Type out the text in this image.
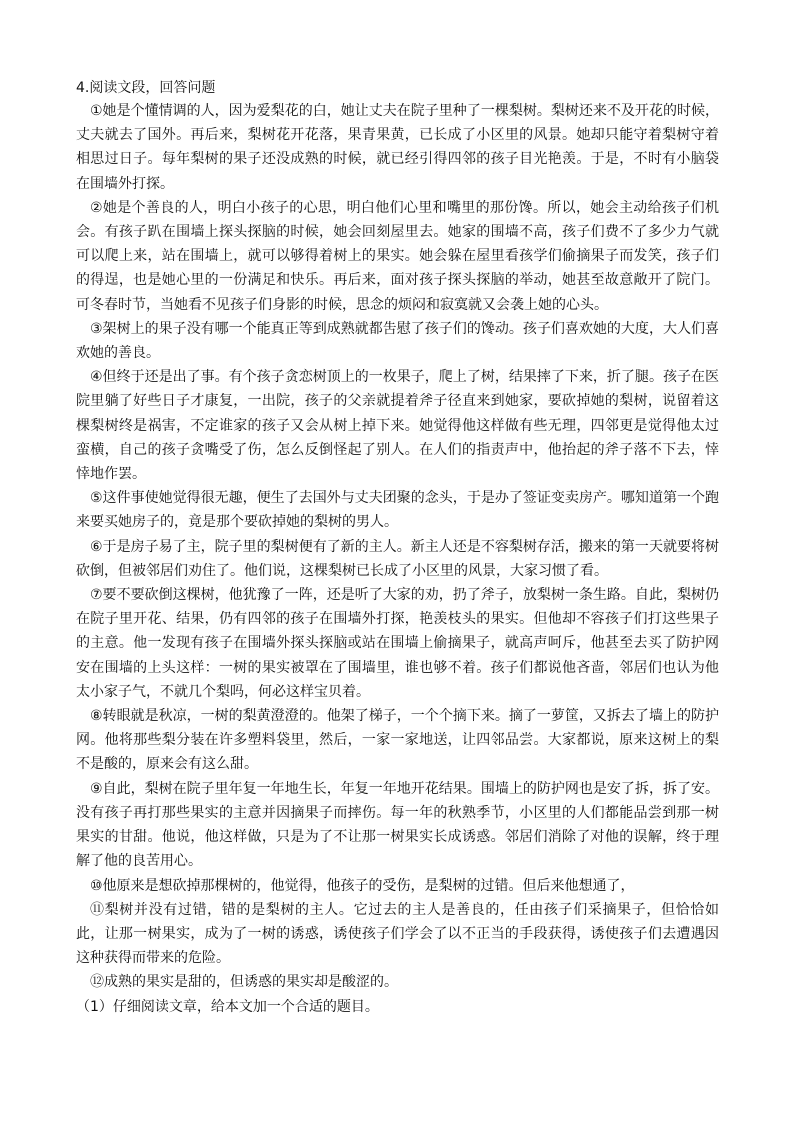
4.阅读文段，回答问题

①她是个懂情调的人，因为爱梨花的白，她让丈夫在院子里种了一棵梨树。梨树还来不及开花的时候，丈夫就去了国外。再后来，梨树花开花落，果青果黄，已长成了小区里的风景。她却只能守着梨树守着相思过日子。每年梨树的果子还没成熟的时候，就已经引得四邻的孩子目光艳羡。于是，不时有小脑袋在围墙外打探。

②她是个善良的人，明白小孩子的心思，明白他们心里和嘴里的那份馋。所以，她会主动给孩子们机会。有孩子趴在围墙上探头探脑的时候，她会回刻屋里去。她家的围墙不高，孩子们费不了多少力气就可以爬上来，站在围墙上，就可以够得着树上的果实。她会躲在屋里看孩学们偷摘果子而发笑，孩子们的得逞，也是她心里的一份满足和快乐。再后来，面对孩子探头探脑的举动，她甚至故意敞开了院门。可冬春时节，当她看不见孩子们身影的时候，思念的烦闷和寂寞就又会袭上她的心头。

③架树上的果子没有哪一个能真正等到成熟就都吿慰了孩子们的馋动。孩子们喜欢她的大度，大人们喜欢她的善良。

④但终于还是出了事。有个孩子贪恋树顶上的一枚果子，爬上了树，结果摔了下来，折了腿。孩子在医院里躺了好些日子才康复，一出院，孩子的父亲就提着斧子径直来到她家，要砍掉她的梨树，说留着这棵梨树终是祸害，不定谁家的孩子又会从树上掉下来。她觉得他这样做有些无理，四邻更是觉得他太过蛮横，自己的孩子贪嘴受了伤，怎么反倒怪起了别人。在人们的指责声中，他抬起的斧子落不下去，悻悻地作罢。

⑤这件事使她觉得很无趣，便生了去国外与丈夫团聚的念头，于是办了签证变卖房产。哪知道第一个跑来要买她房子的，竟是那个要砍掉她的梨树的男人。

⑥于是房子易了主，院子里的梨树便有了新的主人。新主人还是不容梨树存活，搬来的第一天就要将树砍倒，但被邻居们劝住了。他们说，这棵梨树已长成了小区里的风景，大家习惯了看。

⑦要不要砍倒这棵树，他犹豫了一阵，还是听了大家的劝，扔了斧子，放梨树一条生路。自此，梨树仍在院子里开花、结果，仍有四邻的孩子在围墙外打探，艳羡枝头的果实。但他却不容孩子们打这些果子的主意。他一发现有孩子在围墙外探头探脑或站在围墙上偷摘果子，就高声呵斥，他甚至去买了防护网安在围墙的上头这样：一树的果实被罩在了围墙里，谁也够不着。孩子们都说他吝啬，邻居们也认为他太小家子气，不就几个梨吗，何必这样宝贝着。

⑧转眼就是秋凉，一树的梨黄澄澄的。他架了梯子，一个个摘下来。摘了一萝筐，又拆去了墙上的防护网。他将那些梨分装在许多塑料袋里，然后，一家一家地送，让四邻品尝。大家都说，原来这树上的梨不是酸的，原来会有这么甜。

⑨自此，梨树在院子里年复一年地生长，年复一年地开花结果。围墙上的防护网也是安了拆，拆了安。没有孩子再打那些果实的主意并因摘果子而摔伤。每一年的秋熟季节，小区里的人们都能品尝到那一树果实的甘甜。他说，他这样做，只是为了不让那一树果实长成诱惑。邻居们消除了对他的误解，终于理解了他的良苦用心。

⑩他原来是想砍掉那棵树的，他觉得，他孩子的受伤，是梨树的过错。但后来他想通了，

⑪梨树并没有过错，错的是梨树的主人。它过去的主人是善良的，任由孩子们采摘果子，但恰恰如此，让那一树果实，成为了一树的诱惑，诱使孩子们学会了以不正当的手段获得，诱使孩子们去遭遇因这种获得而带来的危险。

⑫成熟的果实是甜的，但诱惑的果实却是酸涩的。

（1）仔细阅读文章，给本文加一个合适的题目。
